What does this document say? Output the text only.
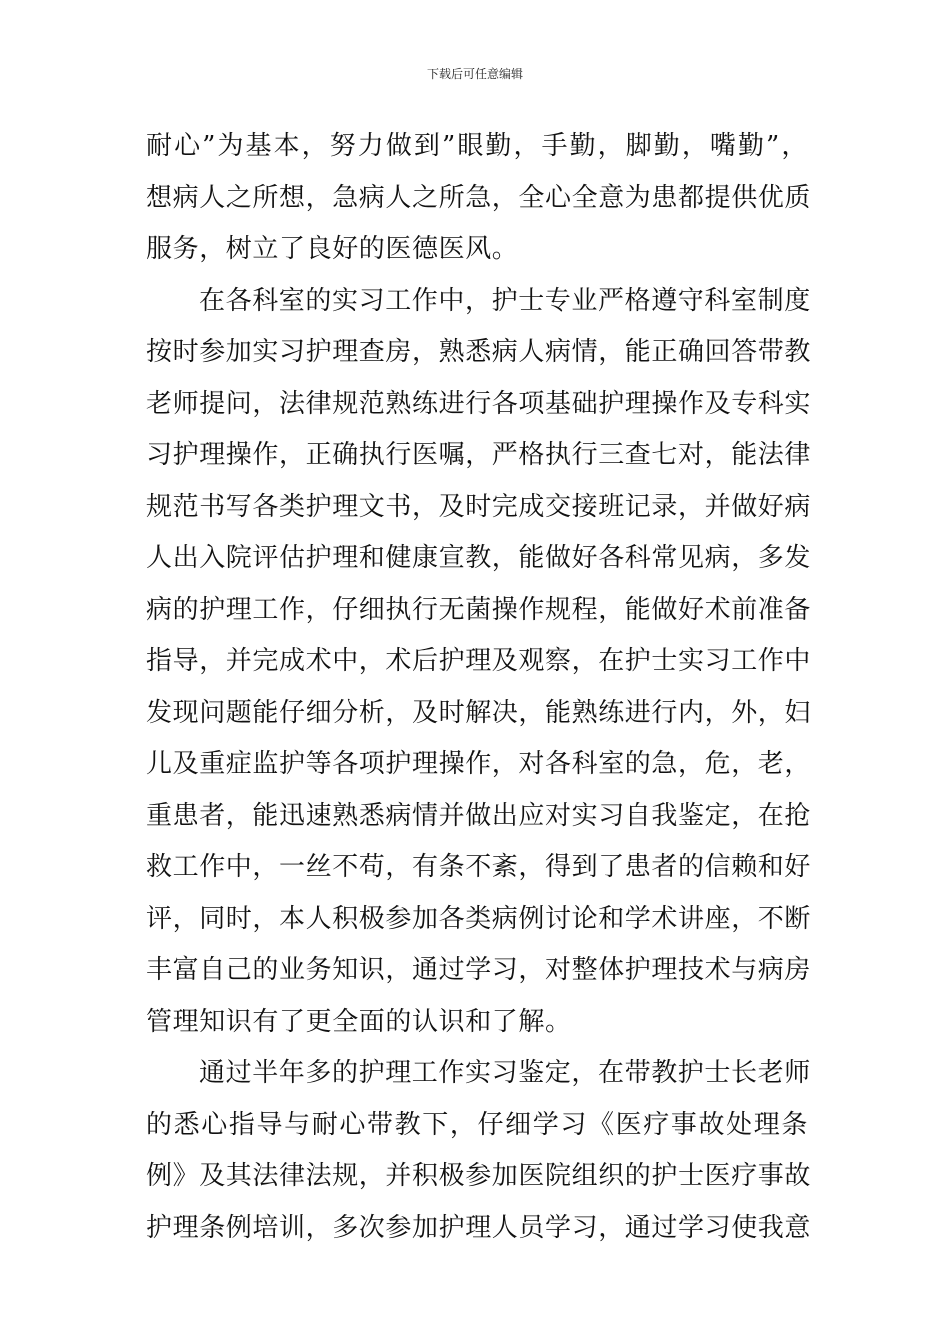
下载后可任意编辑
耐心”为基本，努力做到”眼勤，手勤，脚勤，嘴勤”，
想病人之所想，急病人之所急，全心全意为患都提供优质
服务，树立了良好的医德医风。
在各科室的实习工作中，护士专业严格遵守科室制度
按时参加实习护理查房，熟悉病人病情，能正确回答带教
老师提问，法律规范熟练进行各项基础护理操作及专科实
习护理操作，正确执行医嘱，严格执行三查七对，能法律
规范书写各类护理文书，及时完成交接班记录，并做好病
人出入院评估护理和健康宣教，能做好各科常见病，多发
病的护理工作，仔细执行无菌操作规程，能做好术前准备
指导，并完成术中，术后护理及观察，在护士实习工作中
发现问题能仔细分析，及时解决，能熟练进行内，外，妇
儿及重症监护等各项护理操作，对各科室的急，危，老，
重患者，能迅速熟悉病情并做出应对实习自我鉴定，在抢
救工作中，一丝不苟，有条不紊，得到了患者的信赖和好
评，同时，本人积极参加各类病例讨论和学术讲座，不断
丰富自己的业务知识，通过学习，对整体护理技术与病房
管理知识有了更全面的认识和了解。
通过半年多的护理工作实习鉴定，在带教护士长老师
的悉心指导与耐心带教下，仔细学习《医疗事故处理条
例》及其法律法规，并积极参加医院组织的护士医疗事故
护理条例培训，多次参加护理人员学习，通过学习使我意
